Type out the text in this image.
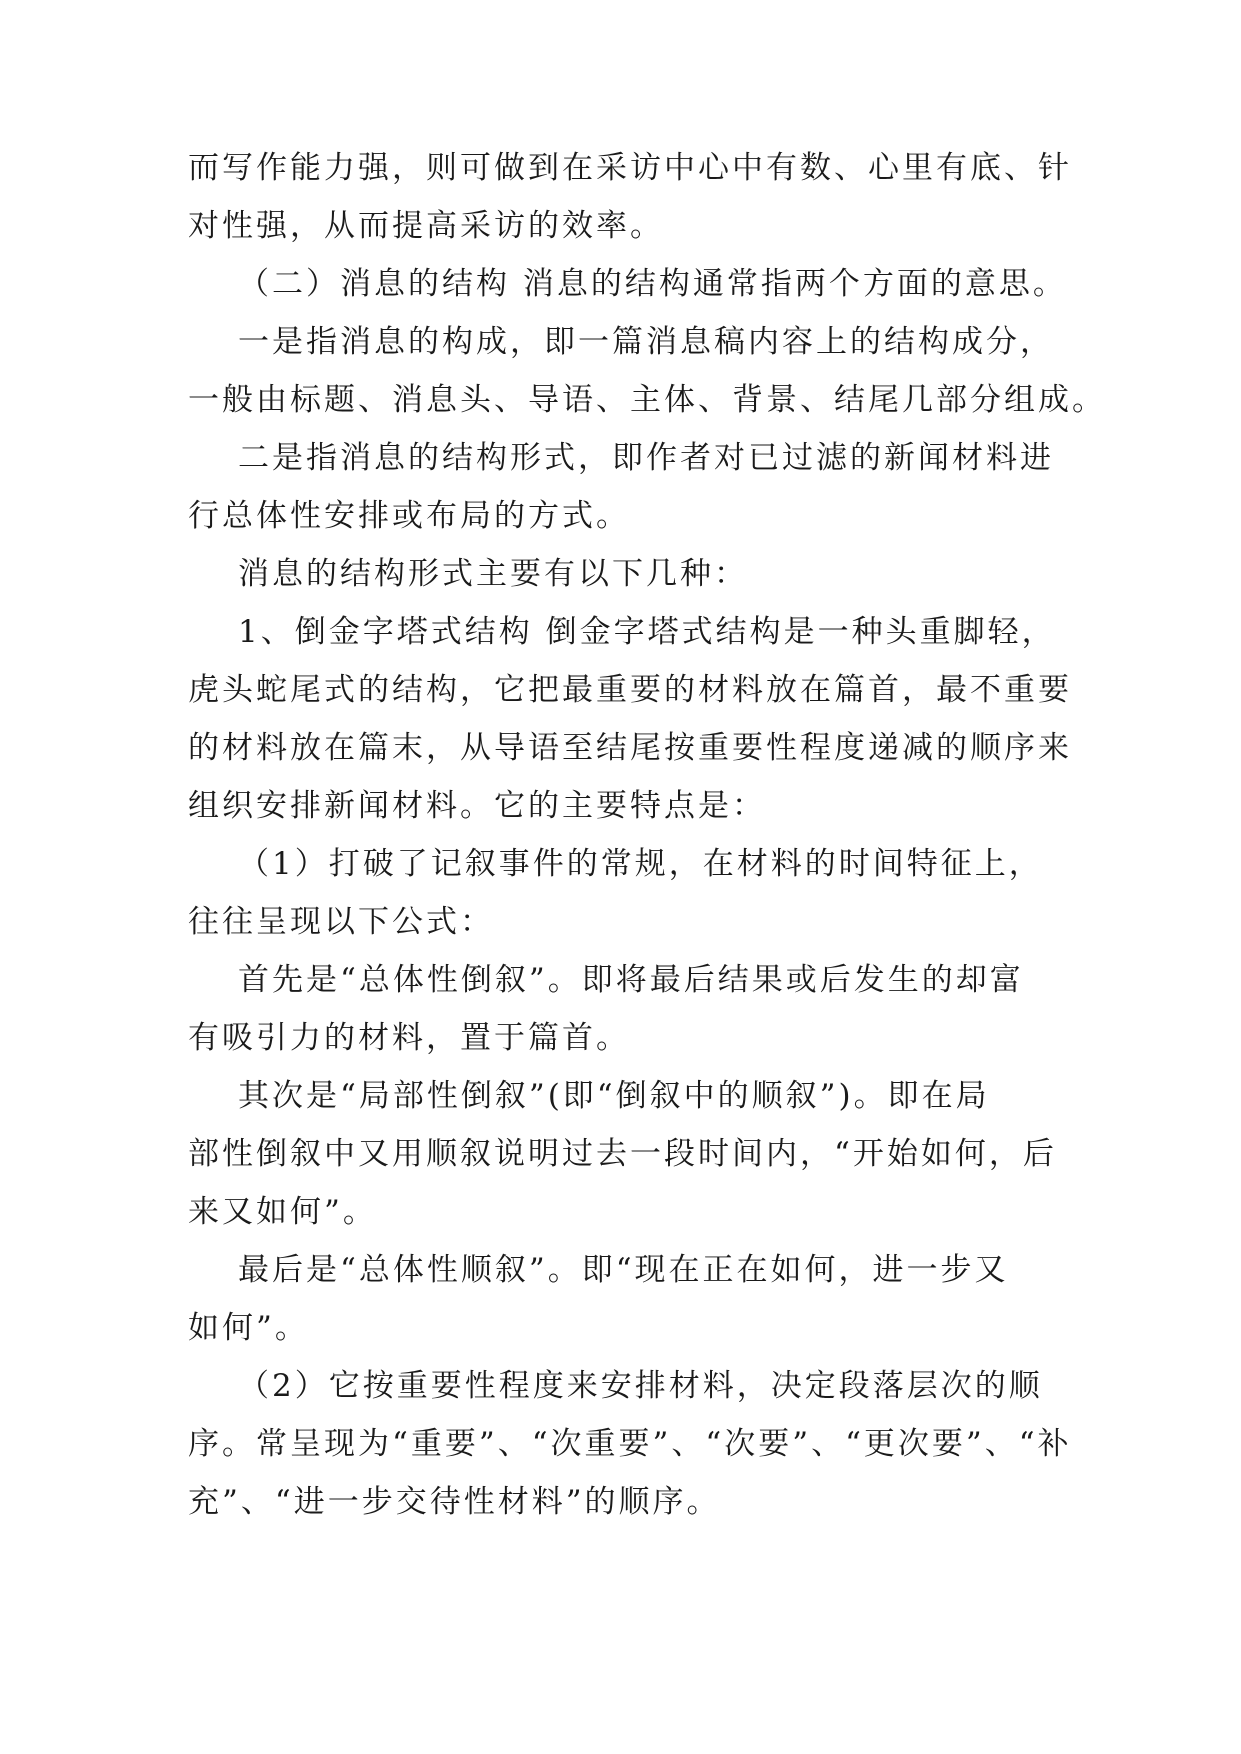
而写作能力强，则可做到在采访中心中有数、心里有底、针
对性强，从而提高采访的效率。
（二）消息的结构 消息的结构通常指两个方面的意思。
一是指消息的构成，即一篇消息稿内容上的结构成分，
一般由标题、消息头、导语、主体、背景、结尾几部分组成。
二是指消息的结构形式，即作者对已过滤的新闻材料进
行总体性安排或布局的方式。
消息的结构形式主要有以下几种：
1、倒金字塔式结构 倒金字塔式结构是一种头重脚轻，
虎头蛇尾式的结构，它把最重要的材料放在篇首，最不重要
的材料放在篇末，从导语至结尾按重要性程度递减的顺序来
组织安排新闻材料。它的主要特点是：
（1）打破了记叙事件的常规，在材料的时间特征上，
往往呈现以下公式：
首先是“总体性倒叙”。即将最后结果或后发生的却富
有吸引力的材料，置于篇首。
其次是“局部性倒叙”(即“倒叙中的顺叙”)。即在局
部性倒叙中又用顺叙说明过去一段时间内，“开始如何，后
来又如何”。
最后是“总体性顺叙”。即“现在正在如何，进一步又
如何”。
（2）它按重要性程度来安排材料，决定段落层次的顺
序。常呈现为“重要”、“次重要”、“次要”、“更次要”、“补
充”、“进一步交待性材料”的顺序。
